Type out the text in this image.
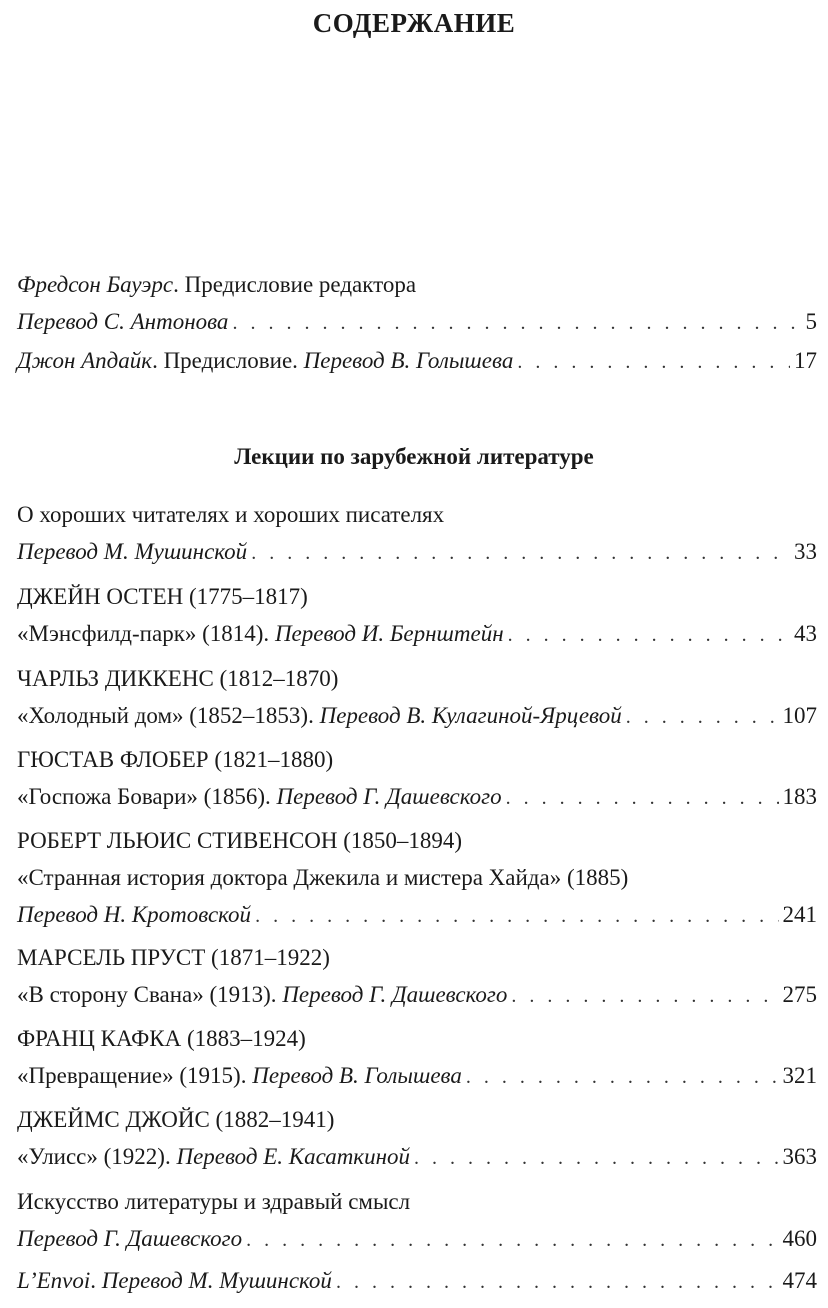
СОДЕРЖАНИЕ
Фредсон Бауэрс. Предисловие редактора
Перевод С. Антонова . . .	5
Джон Апдайк. Предисловие. Перевод В. Голышева . . .	17
Лекции по зарубежной литературе
О хороших читателях и хороших писателях
Перевод М. Мушинской . . .	33
ДЖЕЙН ОСТЕН (1775–1817)
«Мэнсфилд-парк» (1814). Перевод И. Бернштейн . . .	43
ЧАРЛЬЗ ДИККЕНС (1812–1870)
«Холодный дом» (1852–1853). Перевод В. Кулагиной-Ярцевой . . .	107
ГЮСТАВ ФЛОБЕР (1821–1880)
«Госпожа Бовари» (1856). Перевод Г. Дашевского . . .	183
РОБЕРТ ЛЬЮИС СТИВЕНСОН (1850–1894)
«Странная история доктора Джекила и мистера Хайда» (1885)
Перевод Н. Кротовской . . .	241
МАРСЕЛЬ ПРУСТ (1871–1922)
«В сторону Свана» (1913). Перевод Г. Дашевского . . .	275
ФРАНЦ КАФКА (1883–1924)
«Превращение» (1915). Перевод В. Голышева . . .	321
ДЖЕЙМС ДЖОЙС (1882–1941)
«Улисс» (1922). Перевод Е. Касаткиной . . .	363
Искусство литературы и здравый смысл
Перевод Г. Дашевского . . .	460
L’Envoi. Перевод М. Мушинской . . .	474
